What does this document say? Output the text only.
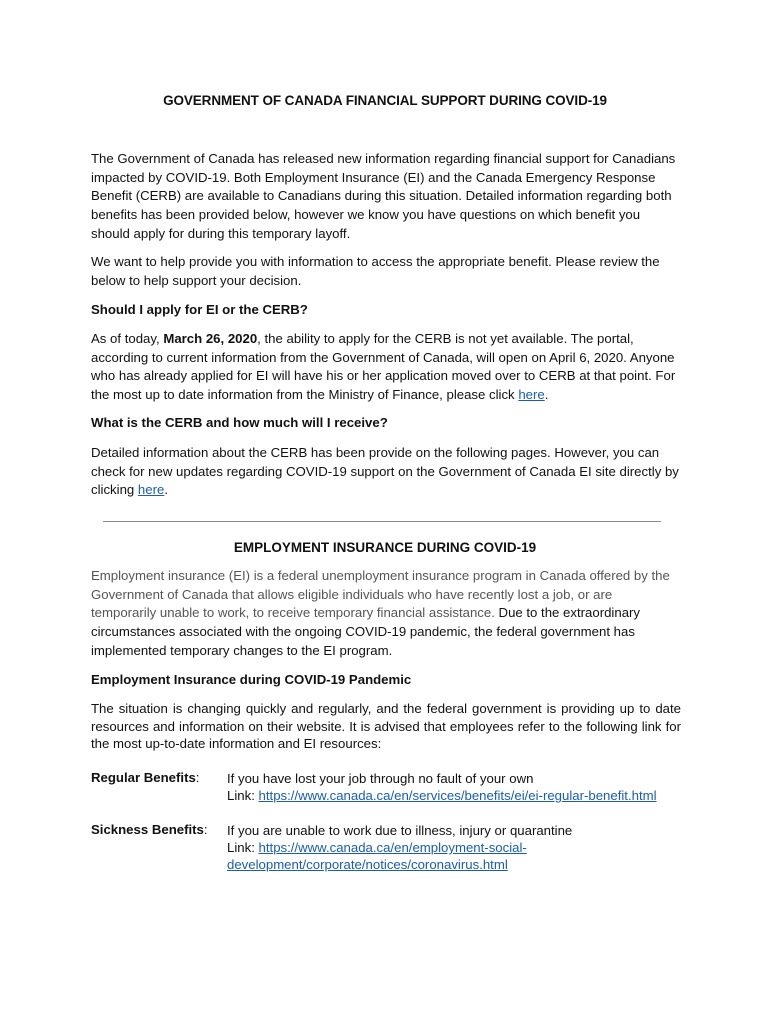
GOVERNMENT OF CANADA FINANCIAL SUPPORT DURING COVID-19

The Government of Canada has released new information regarding financial support for Canadians impacted by COVID-19. Both Employment Insurance (EI) and the Canada Emergency Response Benefit (CERB) are available to Canadians during this situation. Detailed information regarding both benefits has been provided below, however we know you have questions on which benefit you should apply for during this temporary layoff.

We want to help provide you with information to access the appropriate benefit. Please review the below to help support your decision.

Should I apply for EI or the CERB?

As of today, March 26, 2020, the ability to apply for the CERB is not yet available. The portal, according to current information from the Government of Canada, will open on April 6, 2020. Anyone who has already applied for EI will have his or her application moved over to CERB at that point. For the most up to date information from the Ministry of Finance, please click here.

What is the CERB and how much will I receive?

Detailed information about the CERB has been provide on the following pages. However, you can check for new updates regarding COVID-19 support on the Government of Canada EI site directly by clicking here.

EMPLOYMENT INSURANCE DURING COVID-19

Employment insurance (EI) is a federal unemployment insurance program in Canada offered by the Government of Canada that allows eligible individuals who have recently lost a job, or are temporarily unable to work, to receive temporary financial assistance. Due to the extraordinary circumstances associated with the ongoing COVID-19 pandemic, the federal government has implemented temporary changes to the EI program.

Employment Insurance during COVID-19 Pandemic

The situation is changing quickly and regularly, and the federal government is providing up to date resources and information on their website. It is advised that employees refer to the following link for the most up-to-date information and EI resources:

Regular Benefits: If you have lost your job through no fault of your own
Link: https://www.canada.ca/en/services/benefits/ei/ei-regular-benefit.html
Sickness Benefits: If you are unable to work due to illness, injury or quarantine
Link: https://www.canada.ca/en/employment-social-
development/corporate/notices/coronavirus.html
